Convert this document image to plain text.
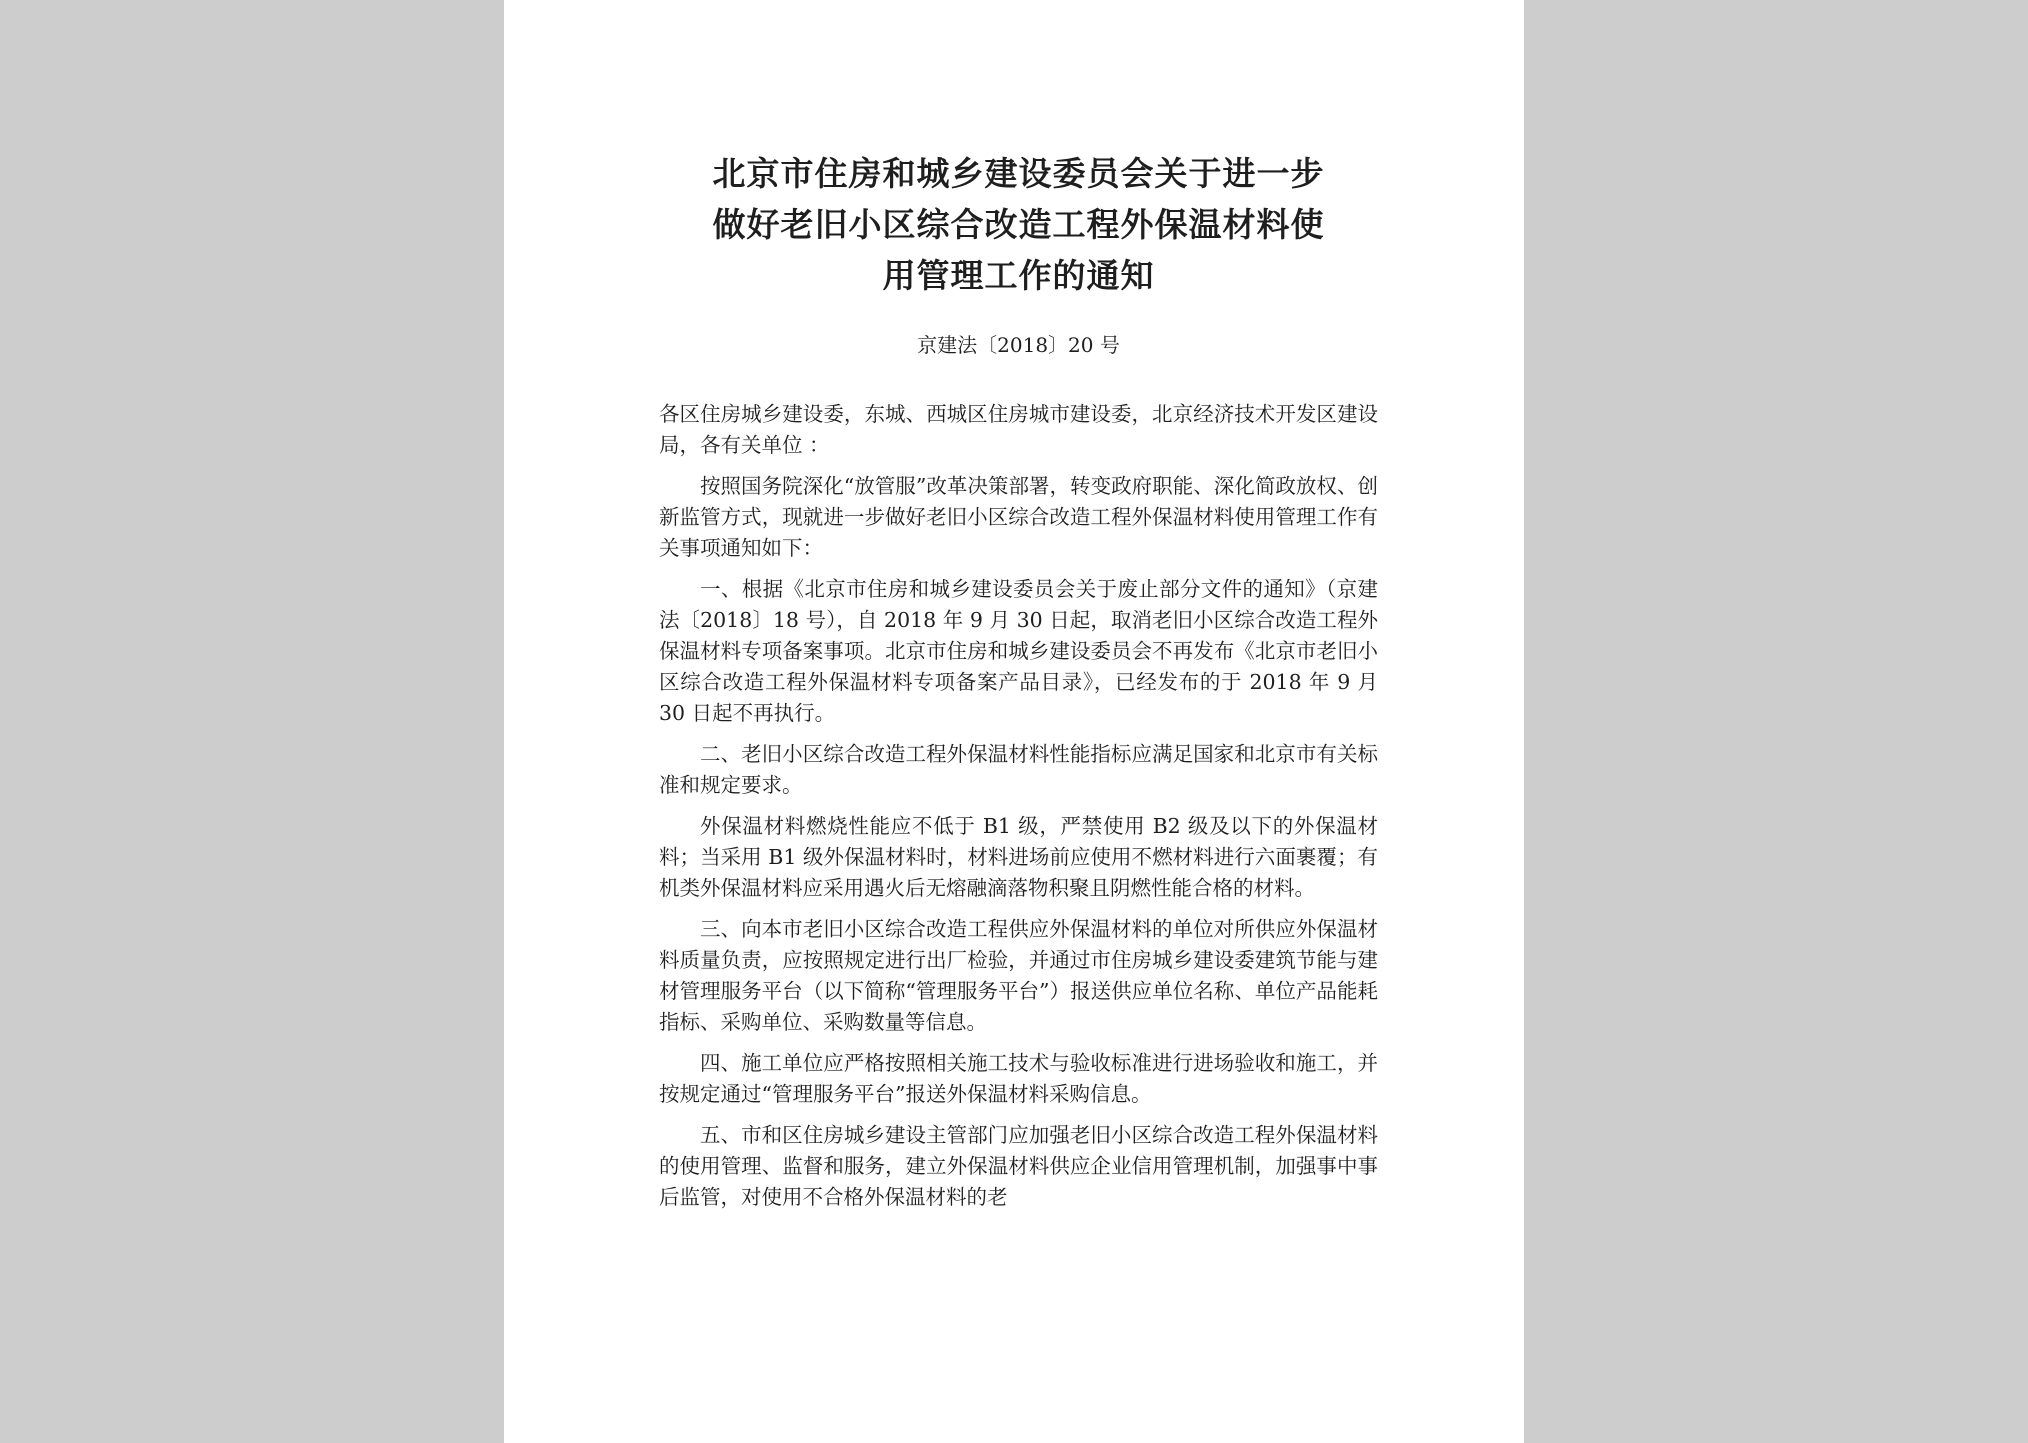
北京市住房和城乡建设委员会关于进一步
做好老旧小区综合改造工程外保温材料使
用管理工作的通知
京建法〔2018〕20 号

各区住房城乡建设委，东城、西城区住房城市建设委，北京经济技术开发区建设局，各有关单位 ：

按照国务院深化“放管服”改革决策部署，转变政府职能、深化简政放权、创新监管方式，现就进一步做好老旧小区综合改造工程外保温材料使用管理工作有关事项通知如下：

一、根据《北京市住房和城乡建设委员会关于废止部分文件的通知》（京建法〔2018〕18 号），自 2018 年 9 月 30 日起，取消老旧小区综合改造工程外保温材料专项备案事项。北京市住房和城乡建设委员会不再发布《北京市老旧小区综合改造工程外保温材料专项备案产品目录》，已经发布的于 2018 年 9 月 30 日起不再执行。

二、老旧小区综合改造工程外保温材料性能指标应满足国家和北京市有关标准和规定要求。

外保温材料燃烧性能应不低于 B1 级，严禁使用 B2 级及以下的外保温材料；当采用 B1 级外保温材料时，材料进场前应使用不燃材料进行六面裹覆；有机类外保温材料应采用遇火后无熔融滴落物积聚且阴燃性能合格的材料。

三、向本市老旧小区综合改造工程供应外保温材料的单位对所供应外保温材料质量负责，应按照规定进行出厂检验，并通过市住房城乡建设委建筑节能与建材管理服务平台（以下简称“管理服务平台”）报送供应单位名称、单位产品能耗指标、采购单位、采购数量等信息。

四、施工单位应严格按照相关施工技术与验收标准进行进场验收和施工，并按规定通过“管理服务平台”报送外保温材料采购信息。

五、市和区住房城乡建设主管部门应加强老旧小区综合改造工程外保温材料的使用管理、监督和服务，建立外保温材料供应企业信用管理机制，加强事中事后监管，对使用不合格外保温材料的老
